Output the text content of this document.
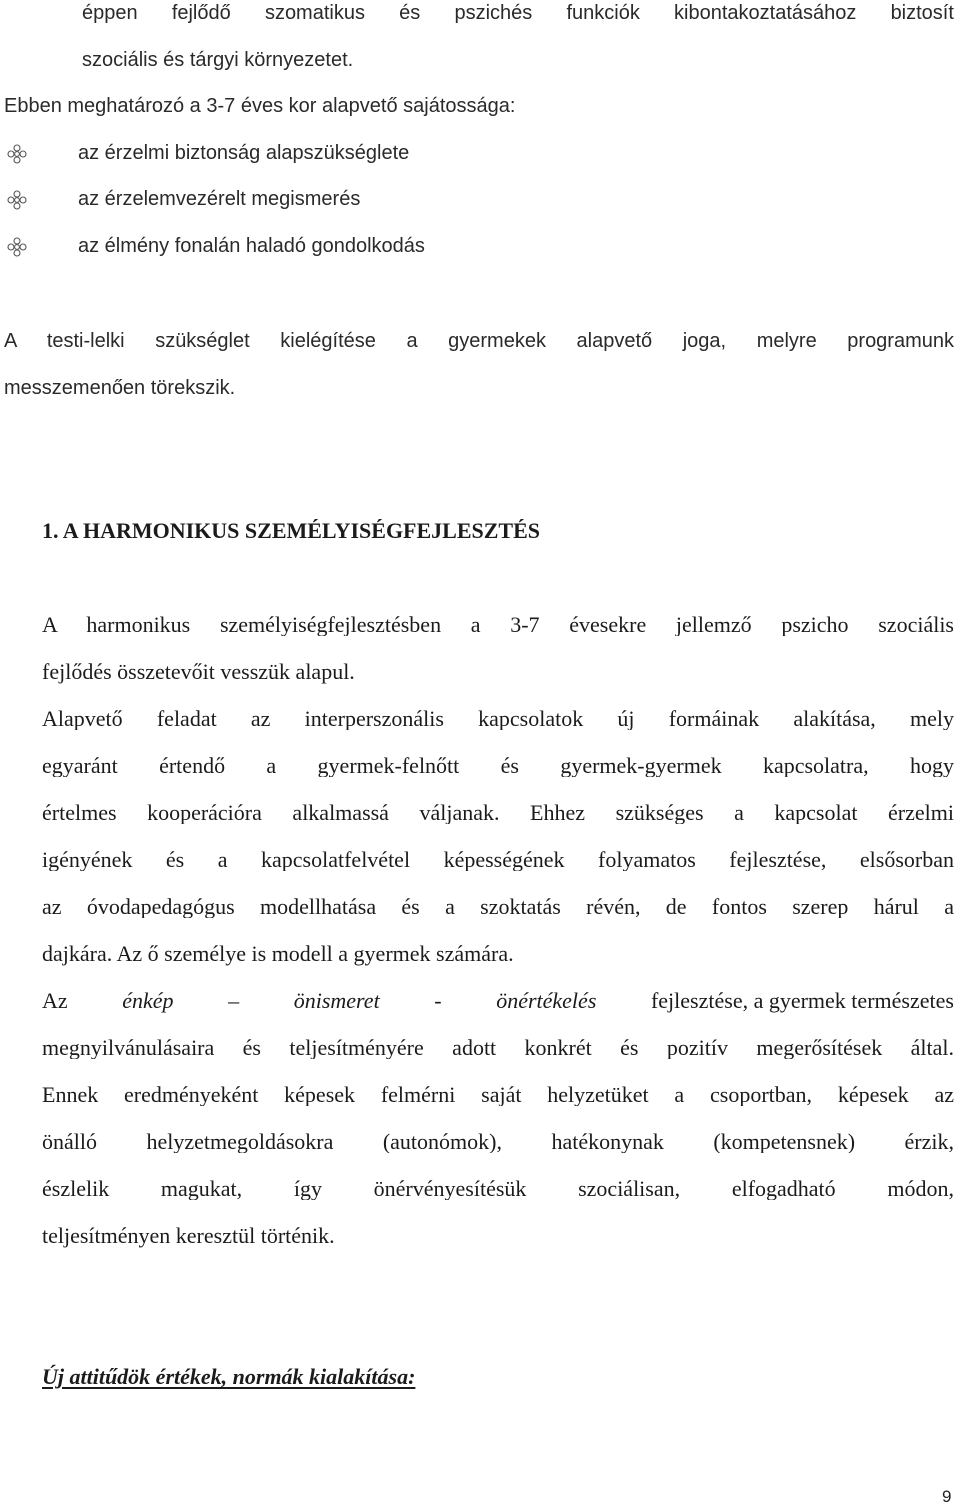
éppen fejlődő szomatikus és pszichés funkciók kibontakoztatásához biztosít
szociális és tárgyi környezetet.
Ebben meghatározó a 3-7 éves kor alapvető sajátossága:
az érzelmi biztonság alapszükséglete
az érzelemvezérelt megismerés
az élmény fonalán haladó gondolkodás
A testi-lelki szükséglet kielégítése a gyermekek alapvető joga, melyre programunk
messzemenően törekszik.
1. A HARMONIKUS SZEMÉLYISÉGFEJLESZTÉS
A harmonikus személyiségfejlesztésben a 3-7 évesekre jellemző pszicho szociális
fejlődés összetevőit vesszük alapul.
Alapvető feladat az interperszonális kapcsolatok új formáinak alakítása, mely
egyaránt értendő a gyermek-felnőtt és gyermek-gyermek kapcsolatra, hogy
értelmes kooperációra alkalmassá váljanak. Ehhez szükséges a kapcsolat érzelmi
igényének és a kapcsolatfelvétel képességének folyamatos fejlesztése, elsősorban
az óvodapedagógus modellhatása és a szoktatás révén, de fontos szerep hárul a
dajkára. Az ő személye is modell a gyermek számára.
Az énkép – önismeret - önértékelés fejlesztése, a gyermek természetes
megnyilvánulásaira és teljesítményére adott konkrét és pozitív megerősítések által.
Ennek eredményeként képesek felmérni saját helyzetüket a csoportban, képesek az
önálló helyzetmegoldásokra (autonómok), hatékonynak (kompetensnek) érzik,
észlelik magukat, így önérvényesítésük szociálisan, elfogadható módon,
teljesítményen keresztül történik.
Új attitűdök értékek, normák kialakítása:
9
